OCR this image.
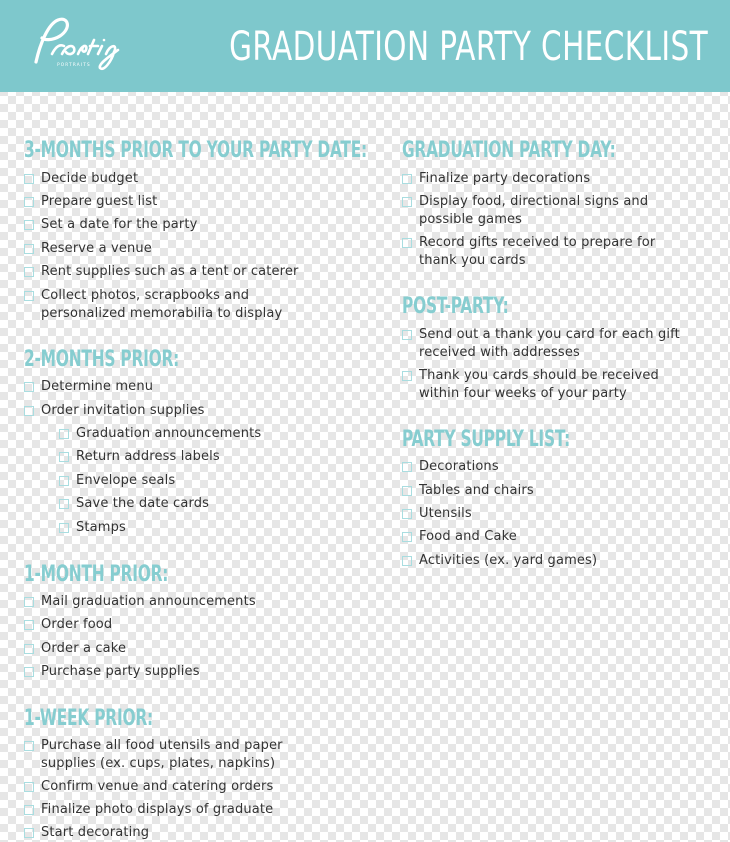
PORTRAITS	GRADUATION PARTY CHECKLIST
3-MONTHS PRIOR TO YOUR PARTY DATE:
Decide budget
Prepare guest list
Set a date for the party
Reserve a venue
Rent supplies such as a tent or caterer
Collect photos, scrapbooks and personalized memorabilia to display
2-MONTHS PRIOR:
Determine menu
Order invitation supplies
Graduation announcements
Return address labels
Envelope seals
Save the date cards
Stamps
1-MONTH PRIOR:
Mail graduation announcements
Order food
Order a cake
Purchase party supplies
1-WEEK PRIOR:
Purchase all food utensils and paper supplies (ex. cups, plates, napkins)
Confirm venue and catering orders
Finalize photo displays of graduate
Start decorating
GRADUATION PARTY DAY:
Finalize party decorations
Display food, directional signs and possible games
Record gifts received to prepare for thank you cards
POST-PARTY:
Send out a thank you card for each gift received with addresses
Thank you cards should be received within four weeks of your party
PARTY SUPPLY LIST:
Decorations
Tables and chairs
Utensils
Food and Cake
Activities (ex. yard games)
